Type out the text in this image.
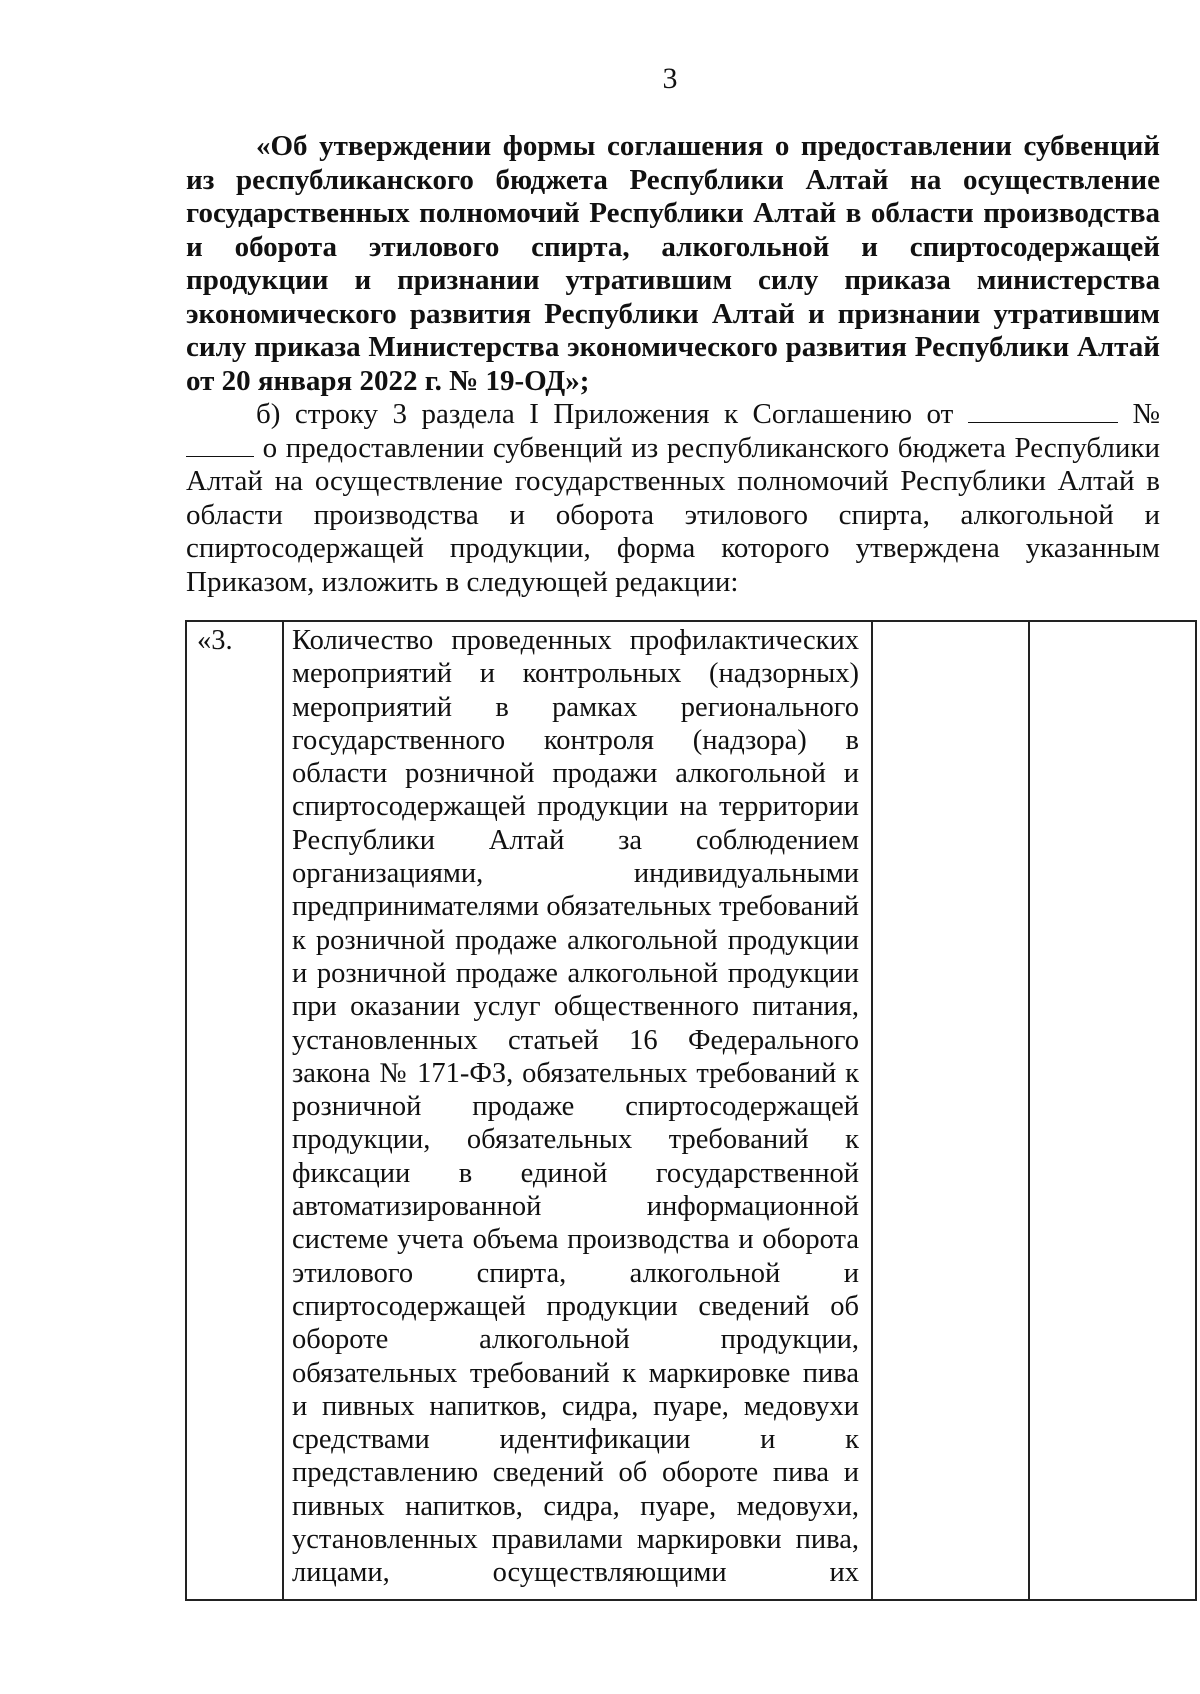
3

«Об утверждении формы соглашения о предоставлении субвенций из республиканского бюджета Республики Алтай на осуществление государственных полномочий Республики Алтай в области производства и оборота этилового спирта, алкогольной и спиртосодержащей продукции и признании утратившим силу приказа министерства экономического развития Республики Алтай и признании утратившим силу приказа Министерства экономического развития Республики Алтай от 20 января 2022 г. № 19-ОД»;

б) строку 3 раздела I Приложения к Соглашению от	№  о предоставлении субвенций из республиканского бюджета Республики Алтай на осуществление государственных полномочий Республики Алтай в области производства и оборота этилового спирта, алкогольной и спиртосодержащей продукции, форма которого утверждена указанным Приказом, изложить в следующей редакции:

«3.	Количество проведенных профилактических мероприятий и контрольных (надзорных) мероприятий в рамках регионального государственного контроля (надзора) в области розничной продажи алкогольной и спиртосодержащей продукции на территории Республики Алтай за соблюдением организациями, индивидуальными предпринимателями обязательных требований к розничной продаже алкогольной продукции и розничной продаже алкогольной продукции при оказании услуг общественного питания, установленных статьей 16 Федерального закона № 171-ФЗ, обязательных требований к розничной продаже спиртосодержащей продукции, обязательных требований к фиксации в единой государственной автоматизированной информационной системе учета объема производства и оборота этилового спирта, алкогольной и спиртосодержащей продукции сведений об обороте алкогольной продукции, обязательных требований к маркировке пива и пивных напитков, сидра, пуаре, медовухи средствами идентификации и к представлению сведений об обороте пива и пивных напитков, сидра, пуаре, медовухи, установленных правилами маркировки пива, лицами, осуществляющими их		
